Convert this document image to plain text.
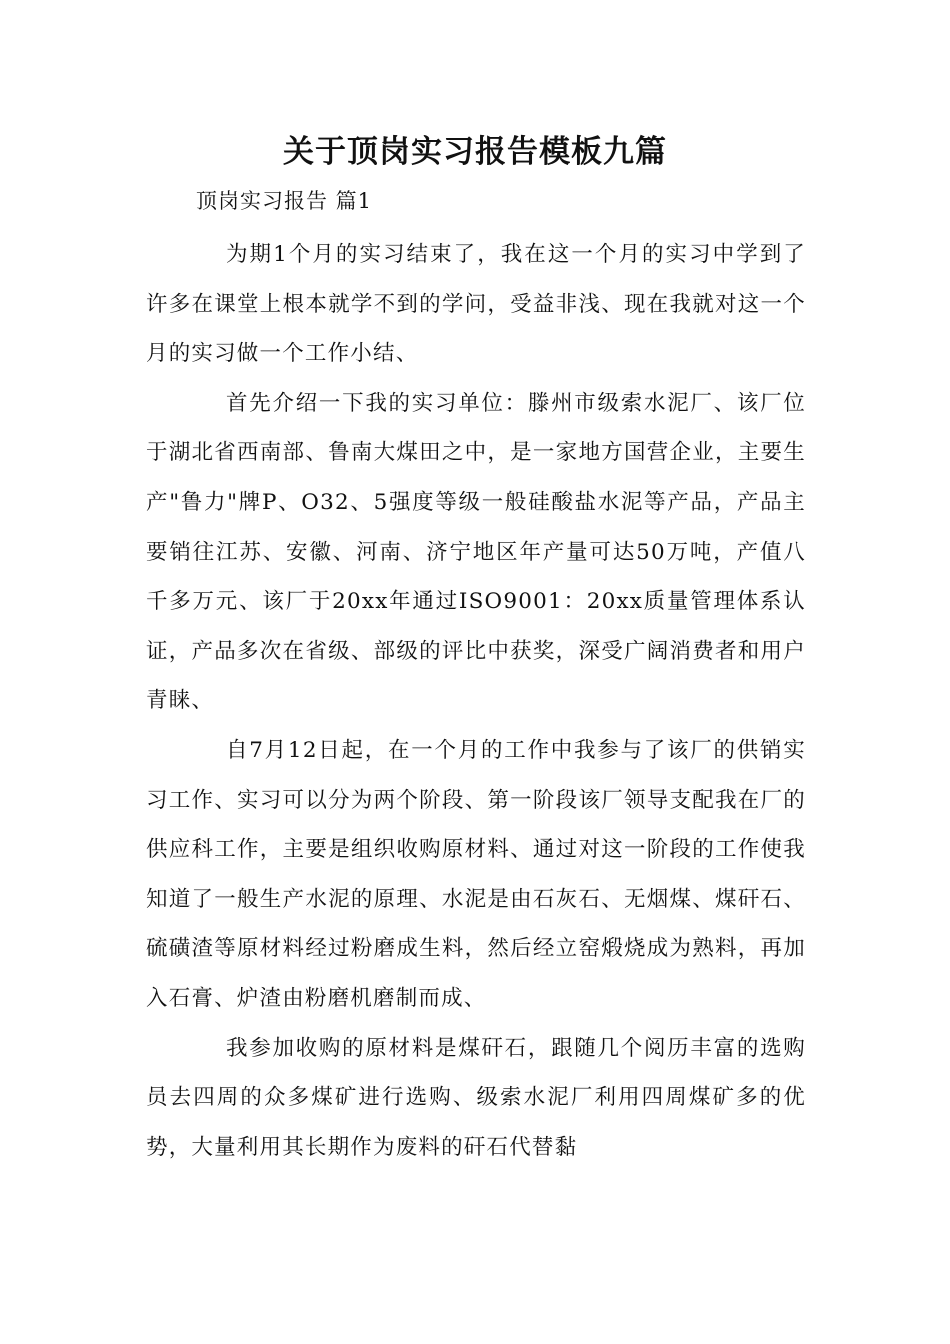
关于顶岗实习报告模板九篇

顶岗实习报告 篇1

为期1个月的实习结束了，我在这一个月的实习中学到了许多在课堂上根本就学不到的学问，受益非浅、现在我就对这一个月的实习做一个工作小结、

首先介绍一下我的实习单位：滕州市级索水泥厂、该厂位于湖北省西南部、鲁南大煤田之中，是一家地方国营企业，主要生产"鲁力"牌P、O32、5强度等级一般硅酸盐水泥等产品，产品主要销往江苏、安徽、河南、济宁地区年产量可达50万吨，产值八千多万元、该厂于20xx年通过ISO9001：20xx质量管理体系认证，产品多次在省级、部级的评比中获奖，深受广阔消费者和用户青睐、

自7月12日起，在一个月的工作中我参与了该厂的供销实习工作、实习可以分为两个阶段、第一阶段该厂领导支配我在厂的供应科工作，主要是组织收购原材料、通过对这一阶段的工作使我知道了一般生产水泥的原理、水泥是由石灰石、无烟煤、煤矸石、硫磺渣等原材料经过粉磨成生料，然后经立窑煅烧成为熟料，再加入石膏、炉渣由粉磨机磨制而成、

我参加收购的原材料是煤矸石，跟随几个阅历丰富的选购员去四周的众多煤矿进行选购、级索水泥厂利用四周煤矿多的优势，大量利用其长期作为废料的矸石代替黏
